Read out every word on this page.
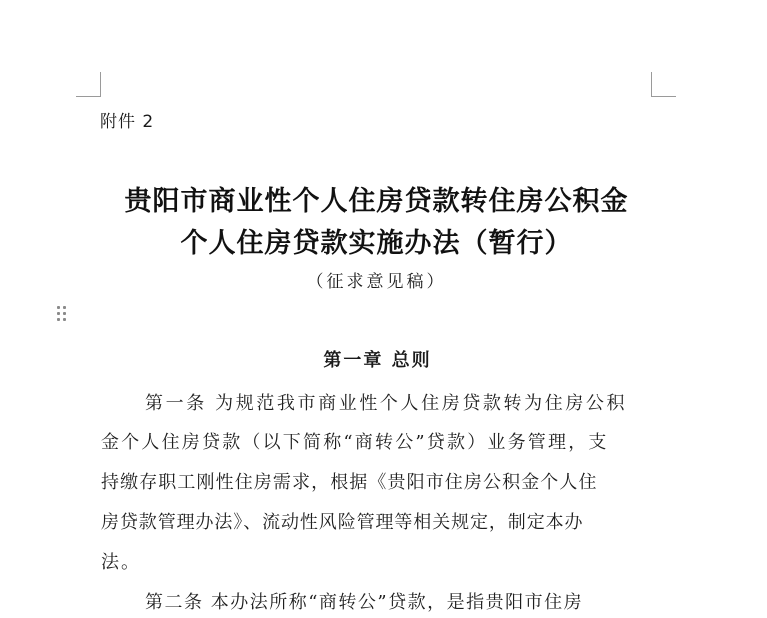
附件 2
贵阳市商业性个人住房贷款转住房公积金
个人住房贷款实施办法（暂行）
（征求意见稿）
第一章 总则
第一条 为规范我市商业性个人住房贷款转为住房公积
金个人住房贷款（以下简称“商转公”贷款）业务管理，支
持缴存职工刚性住房需求，根据《贵阳市住房公积金个人住
房贷款管理办法》、流动性风险管理等相关规定，制定本办
法。
第二条 本办法所称“商转公”贷款，是指贵阳市住房
